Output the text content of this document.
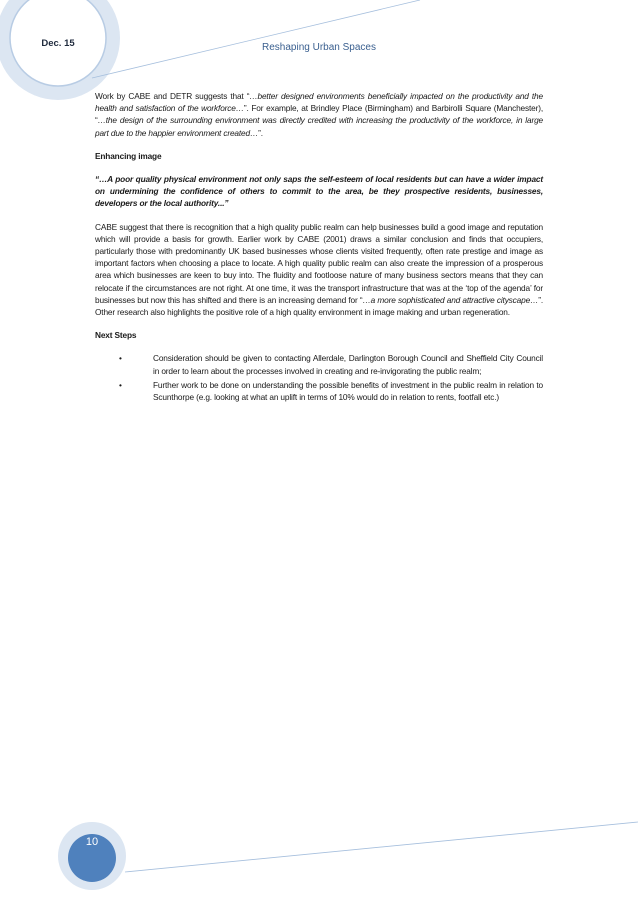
Dec. 15	Reshaping Urban Spaces

Work by CABE and DETR suggests that “…better designed environments beneficially impacted on the productivity and the health and satisfaction of the workforce…”. For example, at Brindley Place (Birmingham) and Barbirolli Square (Manchester), “…the design of the surrounding environment was directly credited with increasing the productivity of the workforce, in large part due to the happier environment created…”.

Enhancing image
“…A poor quality physical environment not only saps the self-esteem of local residents but can have a wider impact on undermining the confidence of others to commit to the area, be they prospective residents, businesses, developers or the local authority...”

CABE suggest that there is recognition that a high quality public realm can help businesses build a good image and reputation which will provide a basis for growth. Earlier work by CABE (2001) draws a similar conclusion and finds that occupiers, particularly those with predominantly UK based businesses whose clients visited frequently, often rate prestige and image as important factors when choosing a place to locate. A high quality public realm can also create the impression of a prosperous area which businesses are keen to buy into. The fluidity and footloose nature of many business sectors means that they can relocate if the circumstances are not right. At one time, it was the transport infrastructure that was at the ‘top of the agenda’ for businesses but now this has shifted and there is an increasing demand for “…a more sophisticated and attractive cityscape…”. Other research also highlights the positive role of a high quality environment in image making and urban regeneration.

Next Steps
•	Consideration should be given to contacting Allerdale, Darlington Borough Council and Sheffield City Council in order to learn about the processes involved in creating and re-invigorating the public realm;
•	Further work to be done on understanding the possible benefits of investment in the public realm in relation to Scunthorpe (e.g. looking at what an uplift in terms of 10% would do in relation to rents, footfall etc.)
10
